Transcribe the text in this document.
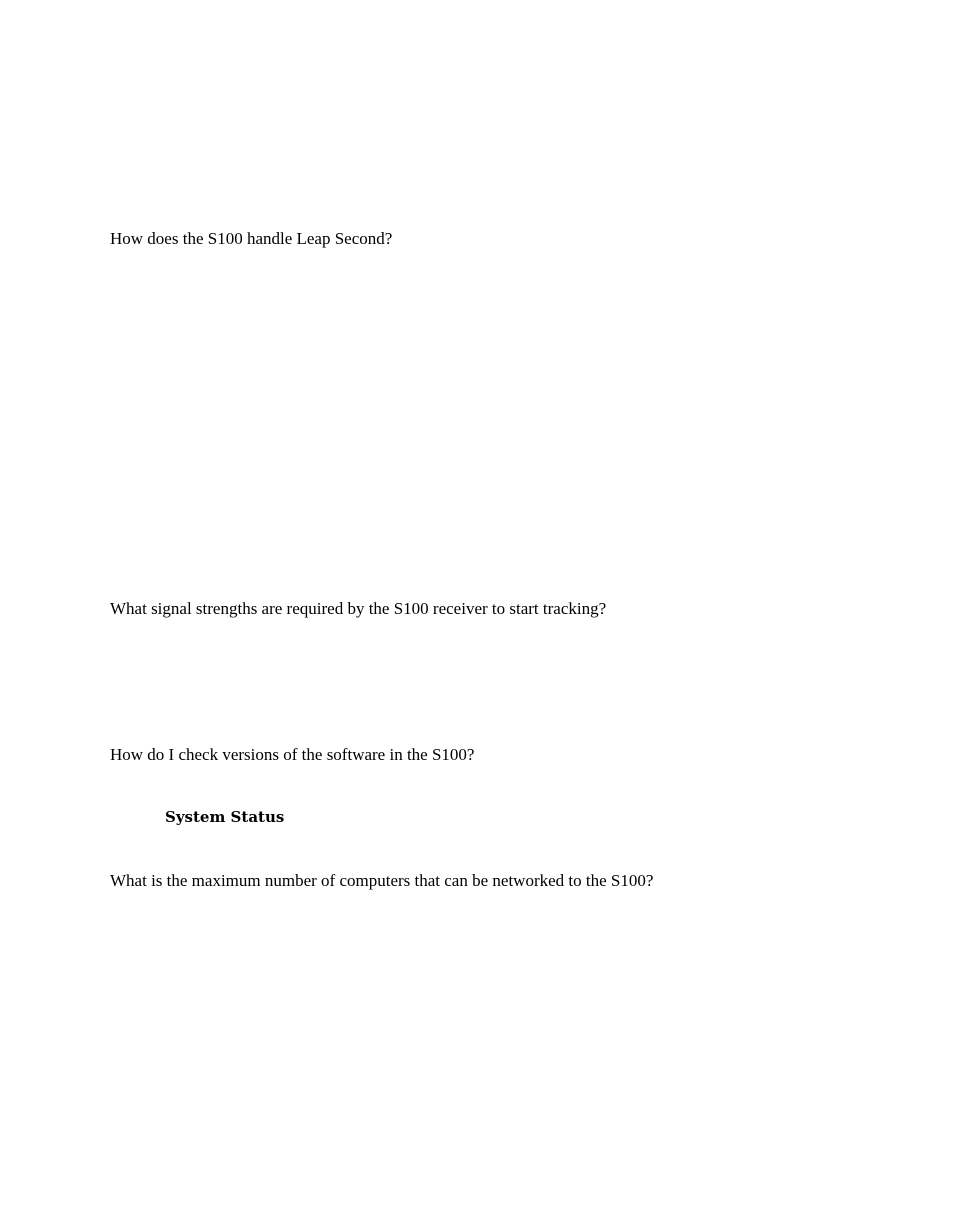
How does the S100 handle Leap Second?

What signal strengths are required by the S100 receiver to start tracking?

How do I check versions of the software in the S100?

System Status

What is the maximum number of computers that can be networked to the S100?
